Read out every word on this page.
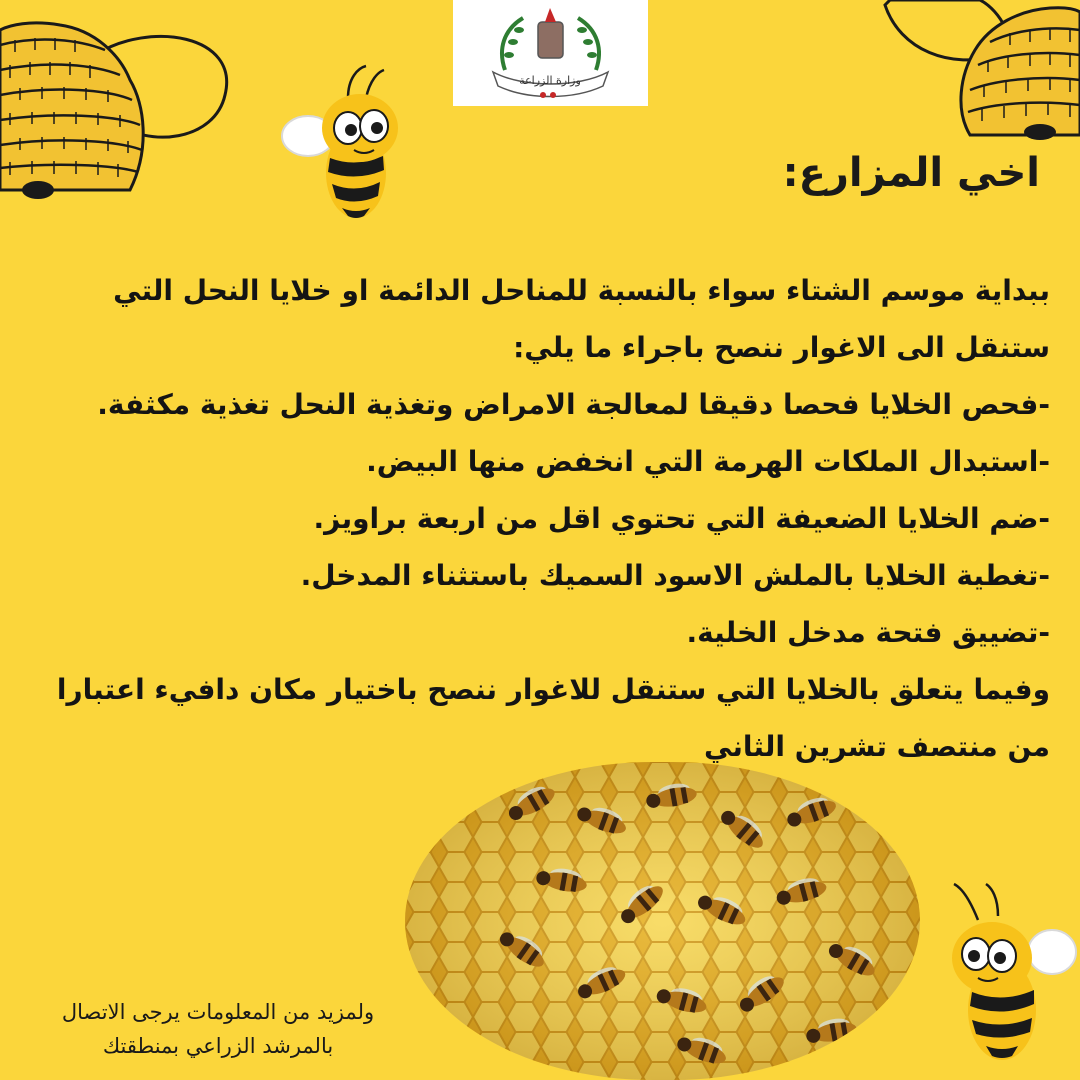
وزارة الزراعة
اخي المزارع:
ببداية موسم الشتاء سواء بالنسبة للمناحل الدائمة او خلايا النحل التي
ستنقل الى الاغوار ننصح باجراء ما يلي:
-فحص الخلايا فحصا دقيقا لمعالجة الامراض وتغذية النحل تغذية مكثفة.
-استبدال الملكات الهرمة التي انخفض منها البيض.
-ضم الخلايا الضعيفة التي تحتوي اقل من اربعة براويز.
-تغطية الخلايا بالملش الاسود السميك باستثناء المدخل.
-تضييق فتحة مدخل الخلية.
وفيما يتعلق بالخلايا التي ستنقل للاغوار ننصح باختيار مكان دافيء اعتبارا
من منتصف تشرين الثاني
ولمزيد من المعلومات يرجى الاتصال
بالمرشد الزراعي بمنطقتك
